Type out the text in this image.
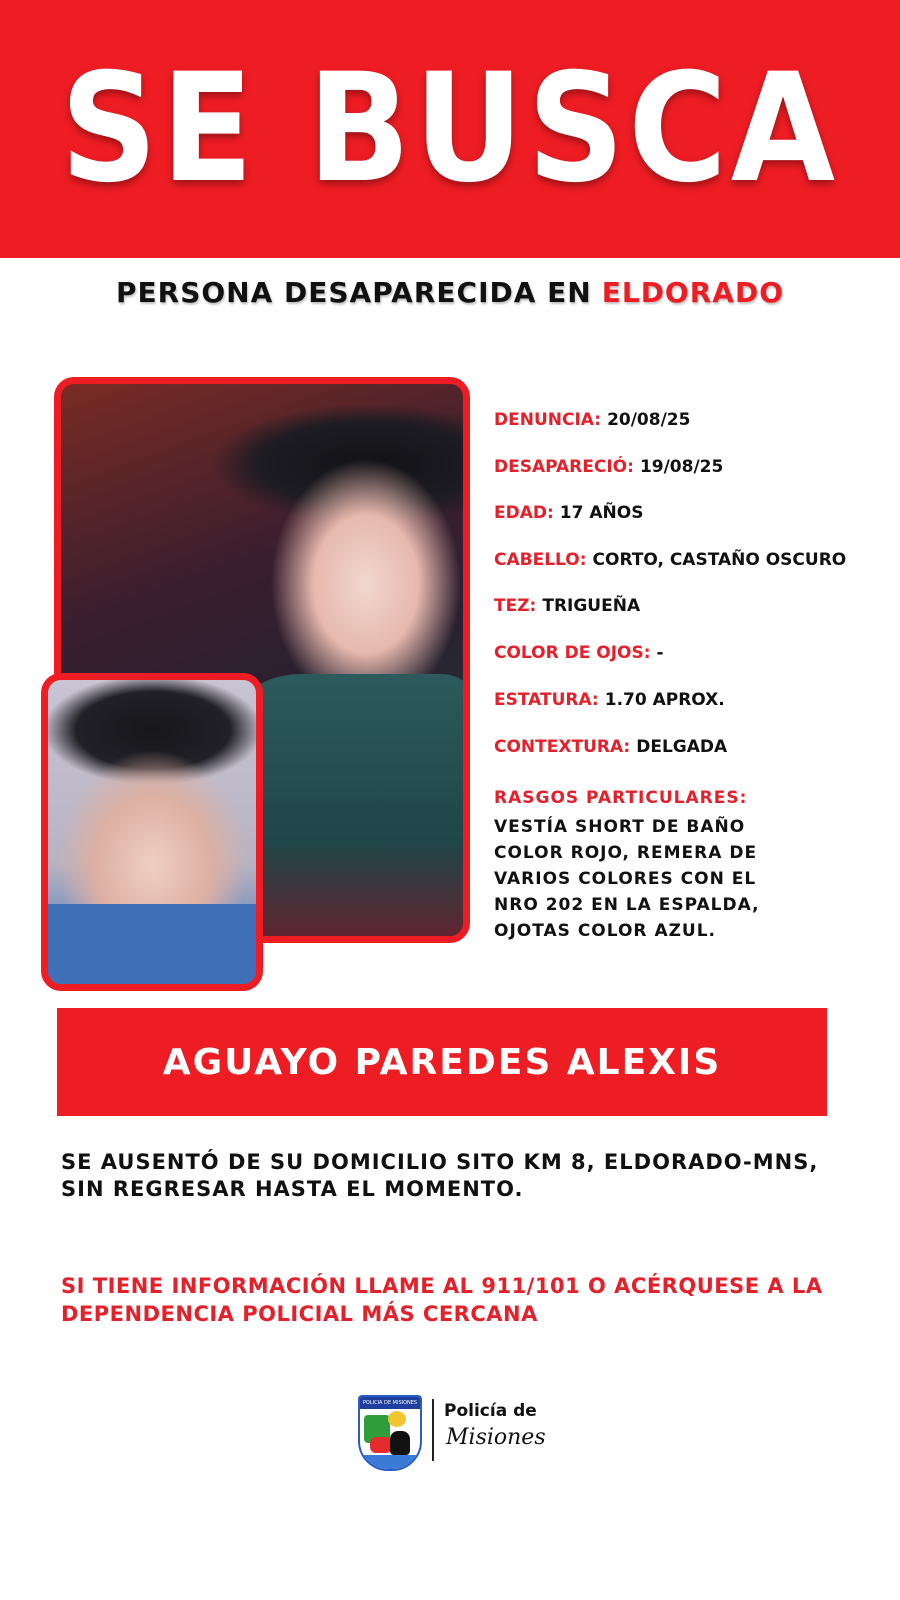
SE BUSCA
PERSONA DESAPARECIDA EN ELDORADO
DENUNCIA: 20/08/25
DESAPARECIÓ: 19/08/25
EDAD: 17 AÑOS
CABELLO: CORTO, CASTAÑO OSCURO
TEZ: TRIGUEÑA
COLOR DE OJOS: -
ESTATURA: 1.70 APROX.
CONTEXTURA: DELGADA
RASGOS PARTICULARES:
VESTÍA SHORT DE BAÑO COLOR ROJO, REMERA DE VARIOS COLORES CON EL NRO 202 EN LA ESPALDA, OJOTAS COLOR AZUL.
AGUAYO PAREDES ALEXIS
SE AUSENTÓ DE SU DOMICILIO SITO KM 8, ELDORADO-MNS, SIN REGRESAR HASTA EL MOMENTO.
SI TIENE INFORMACIÓN LLAME AL 911/101 O ACÉRQUESE A LA DEPENDENCIA POLICIAL MÁS CERCANA
POLICIA DE MISIONES Policía de
Misiones
